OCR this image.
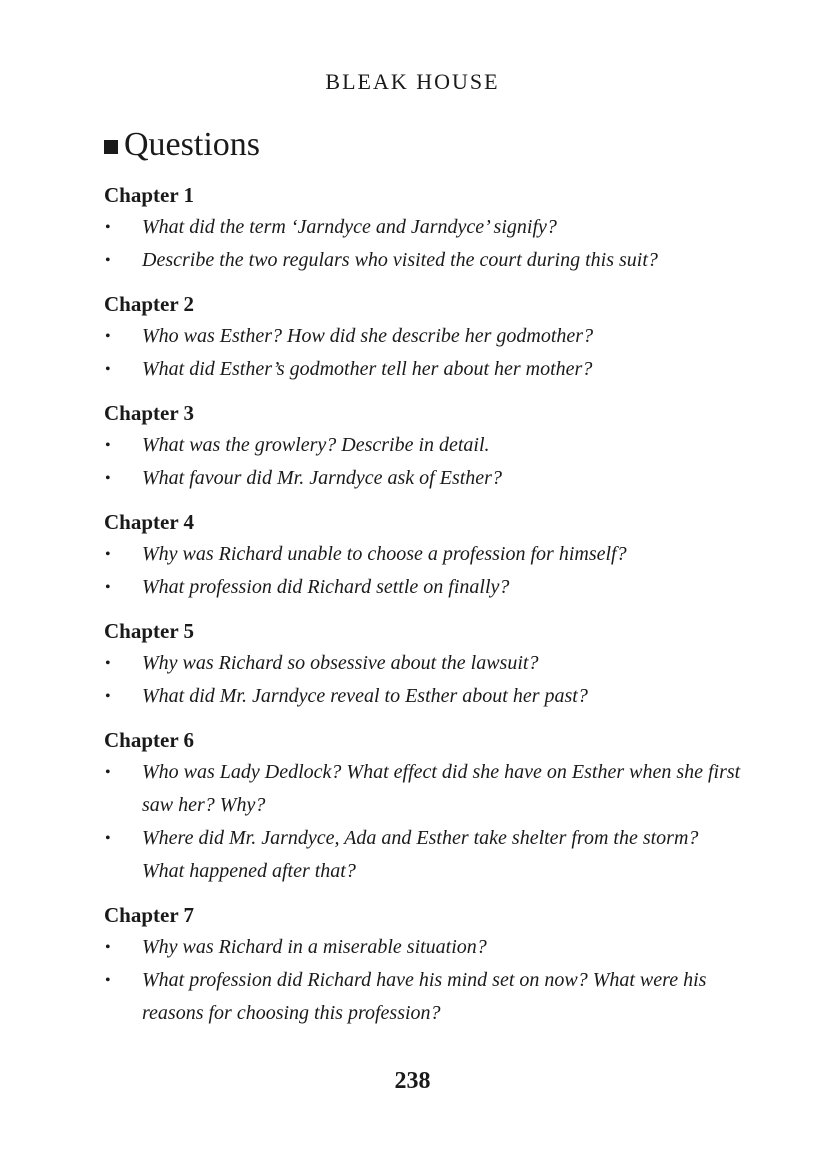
BLEAK HOUSE
Questions
Chapter 1
• What did the term ‘Jarndyce and Jarndyce’ signify?
• Describe the two regulars who visited the court during this suit?
Chapter 2
• Who was Esther? How did she describe her godmother?
• What did Esther’s godmother tell her about her mother?
Chapter 3
• What was the growlery? Describe in detail.
• What favour did Mr. Jarndyce ask of Esther?
Chapter 4
• Why was Richard unable to choose a profession for himself?
• What profession did Richard settle on finally?
Chapter 5
• Why was Richard so obsessive about the lawsuit?
• What did Mr. Jarndyce reveal to Esther about her past?
Chapter 6
• Who was Lady Dedlock? What effect did she have on Esther when she first saw her? Why?
• Where did Mr. Jarndyce, Ada and Esther take shelter from the storm? What happened after that?
Chapter 7
• Why was Richard in a miserable situation?
• What profession did Richard have his mind set on now? What were his reasons for choosing this profession?
238
